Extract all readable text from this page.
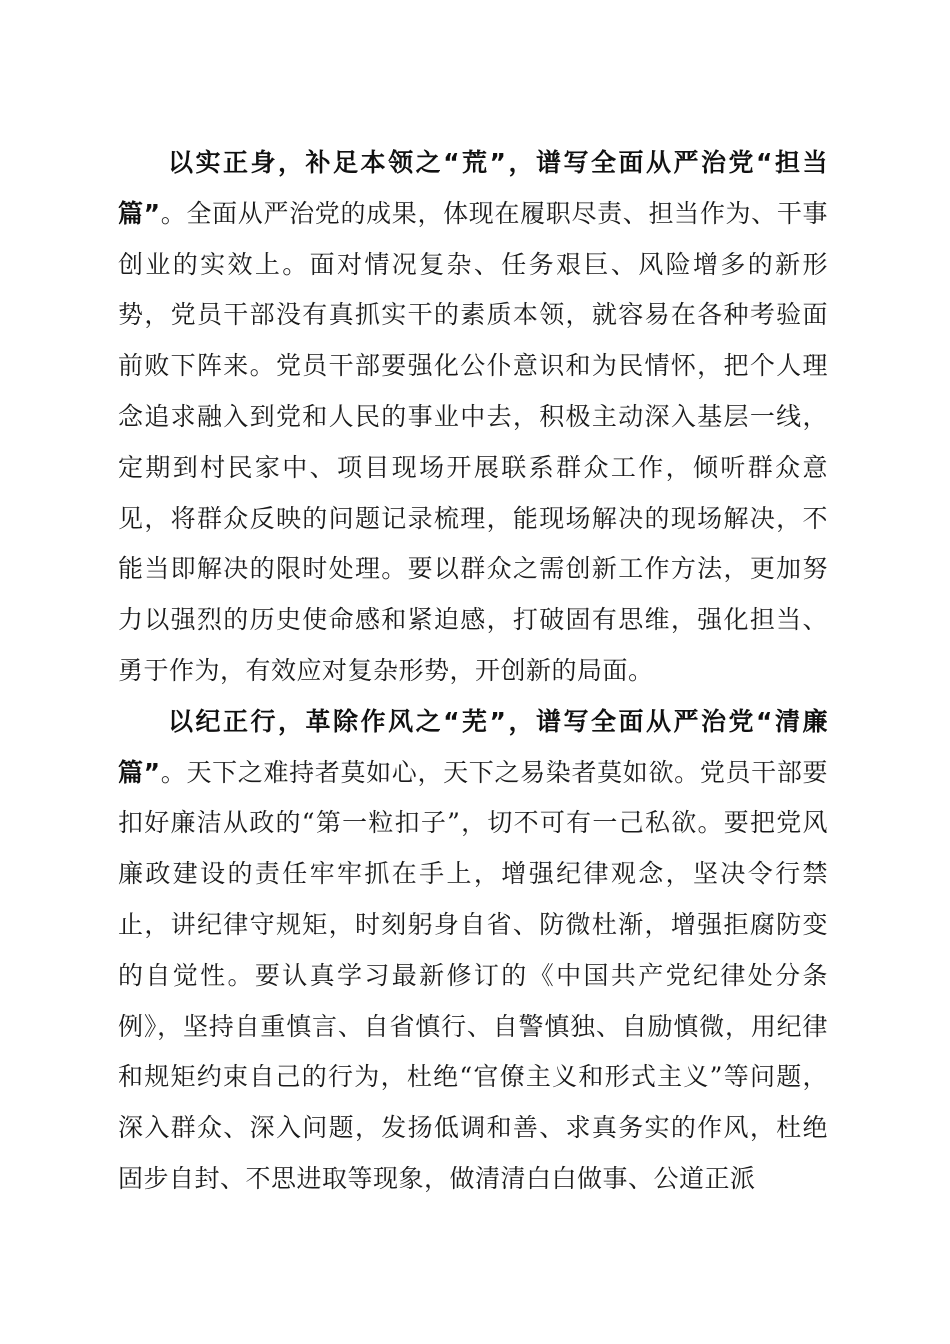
以实正身，补足本领之“荒”，谱写全面从严治党“担当篇”。全面从严治党的成果，体现在履职尽责、担当作为、干事创业的实效上。面对情况复杂、任务艰巨、风险增多的新形势，党员干部没有真抓实干的素质本领，就容易在各种考验面前败下阵来。党员干部要强化公仆意识和为民情怀，把个人理念追求融入到党和人民的事业中去，积极主动深入基层一线，定期到村民家中、项目现场开展联系群众工作，倾听群众意见，将群众反映的问题记录梳理，能现场解决的现场解决，不能当即解决的限时处理。要以群众之需创新工作方法，更加努力以强烈的历史使命感和紧迫感，打破固有思维，强化担当、勇于作为，有效应对复杂形势，开创新的局面。

以纪正行，革除作风之“芜”，谱写全面从严治党“清廉篇”。天下之难持者莫如心，天下之易染者莫如欲。党员干部要扣好廉洁从政的“第一粒扣子”，切不可有一己私欲。要把党风廉政建设的责任牢牢抓在手上，增强纪律观念，坚决令行禁止，讲纪律守规矩，时刻躬身自省、防微杜渐，增强拒腐防变的自觉性。要认真学习最新修订的《中国共产党纪律处分条例》，坚持自重慎言、自省慎行、自警慎独、自励慎微，用纪律和规矩约束自己的行为，杜绝“官僚主义和形式主义”等问题，深入群众、深入问题，发扬低调和善、求真务实的作风，杜绝固步自封、不思进取等现象，做清清白白做事、公道正派
